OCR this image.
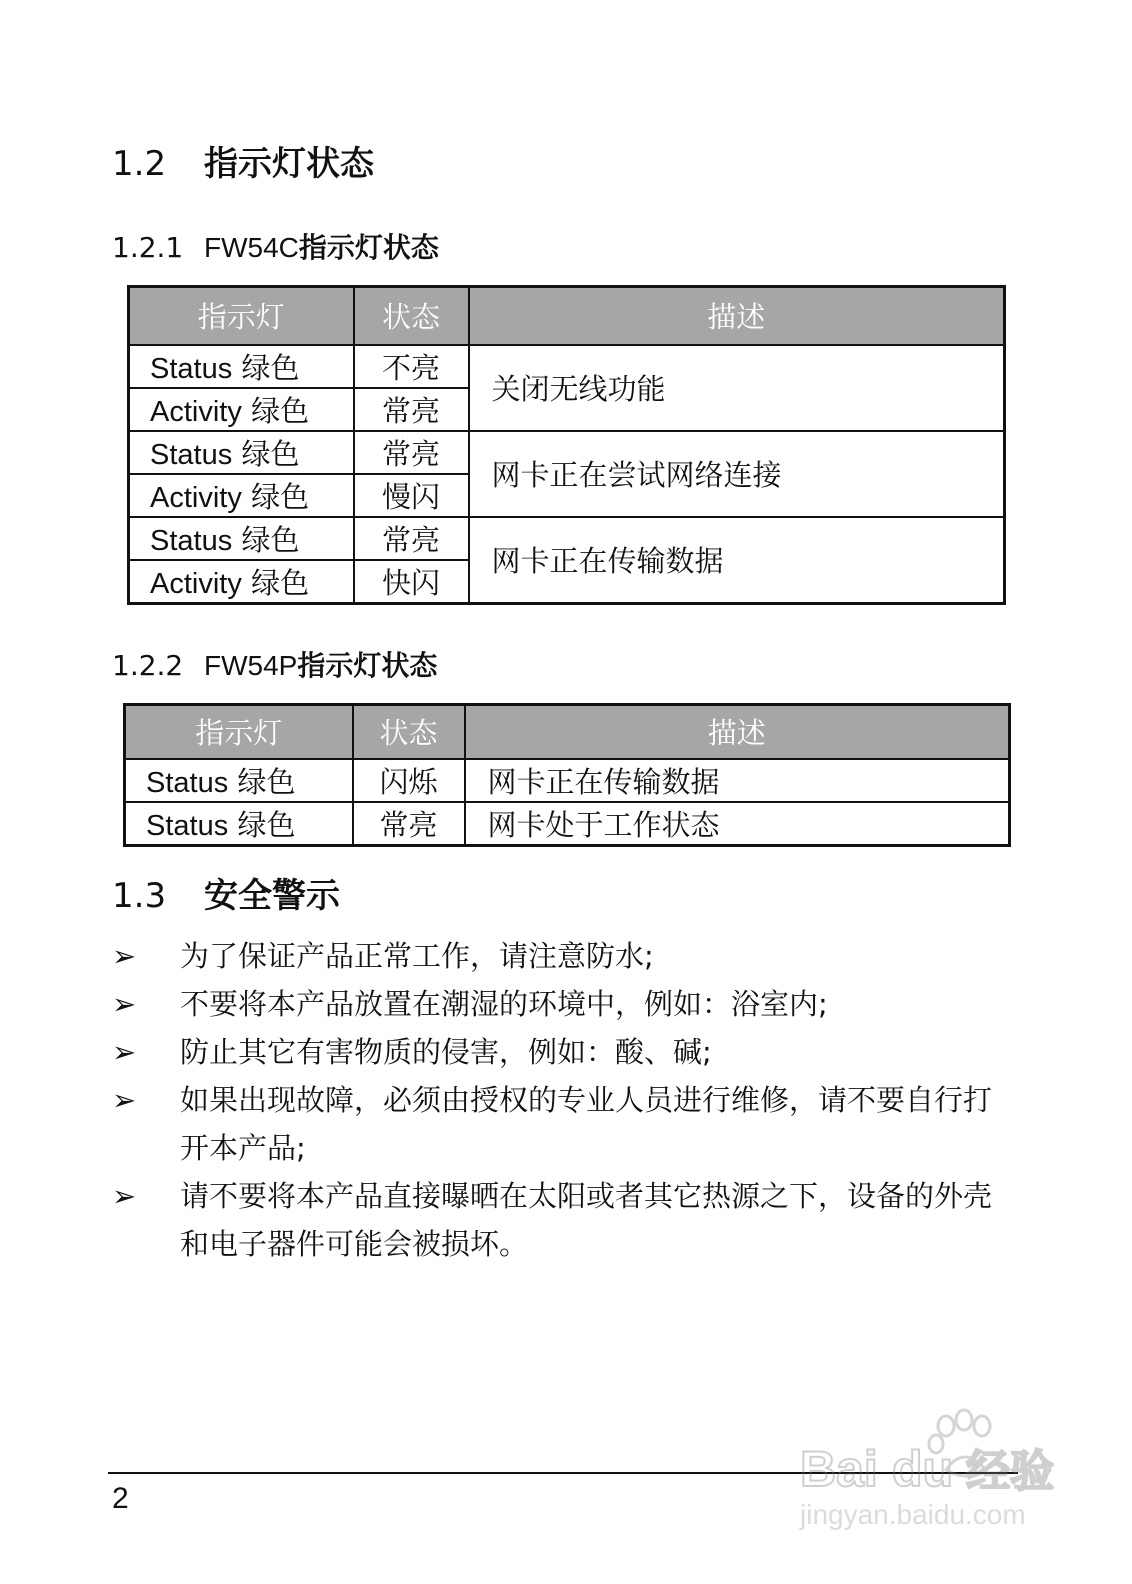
1.2 指示灯状态
1.2.1 FW54C指示灯状态
指示灯	状态	描述
Status 绿色	不亮	关闭无线功能
Activity 绿色	常亮	
Status 绿色	常亮	网卡正在尝试网络连接
Activity 绿色	慢闪	
Status 绿色	常亮	网卡正在传输数据
Activity 绿色	快闪	
1.2.2 FW54P指示灯状态
指示灯	状态	描述
Status 绿色	闪烁	网卡正在传输数据
Status 绿色	常亮	网卡处于工作状态
1.3 安全警示
➢ 为了保证产品正常工作，请注意防水;
➢ 不要将本产品放置在潮湿的环境中，例如：浴室内;
➢ 防止其它有害物质的侵害，例如：酸、碱;
➢ 如果出现故障，必须由授权的专业人员进行维修，请不要自行打开本产品;
➢ 请不要将本产品直接曝晒在太阳或者其它热源之下，设备的外壳和电子器件可能会被损坏。
2
Bai du 经验
jingyan.baidu.com
